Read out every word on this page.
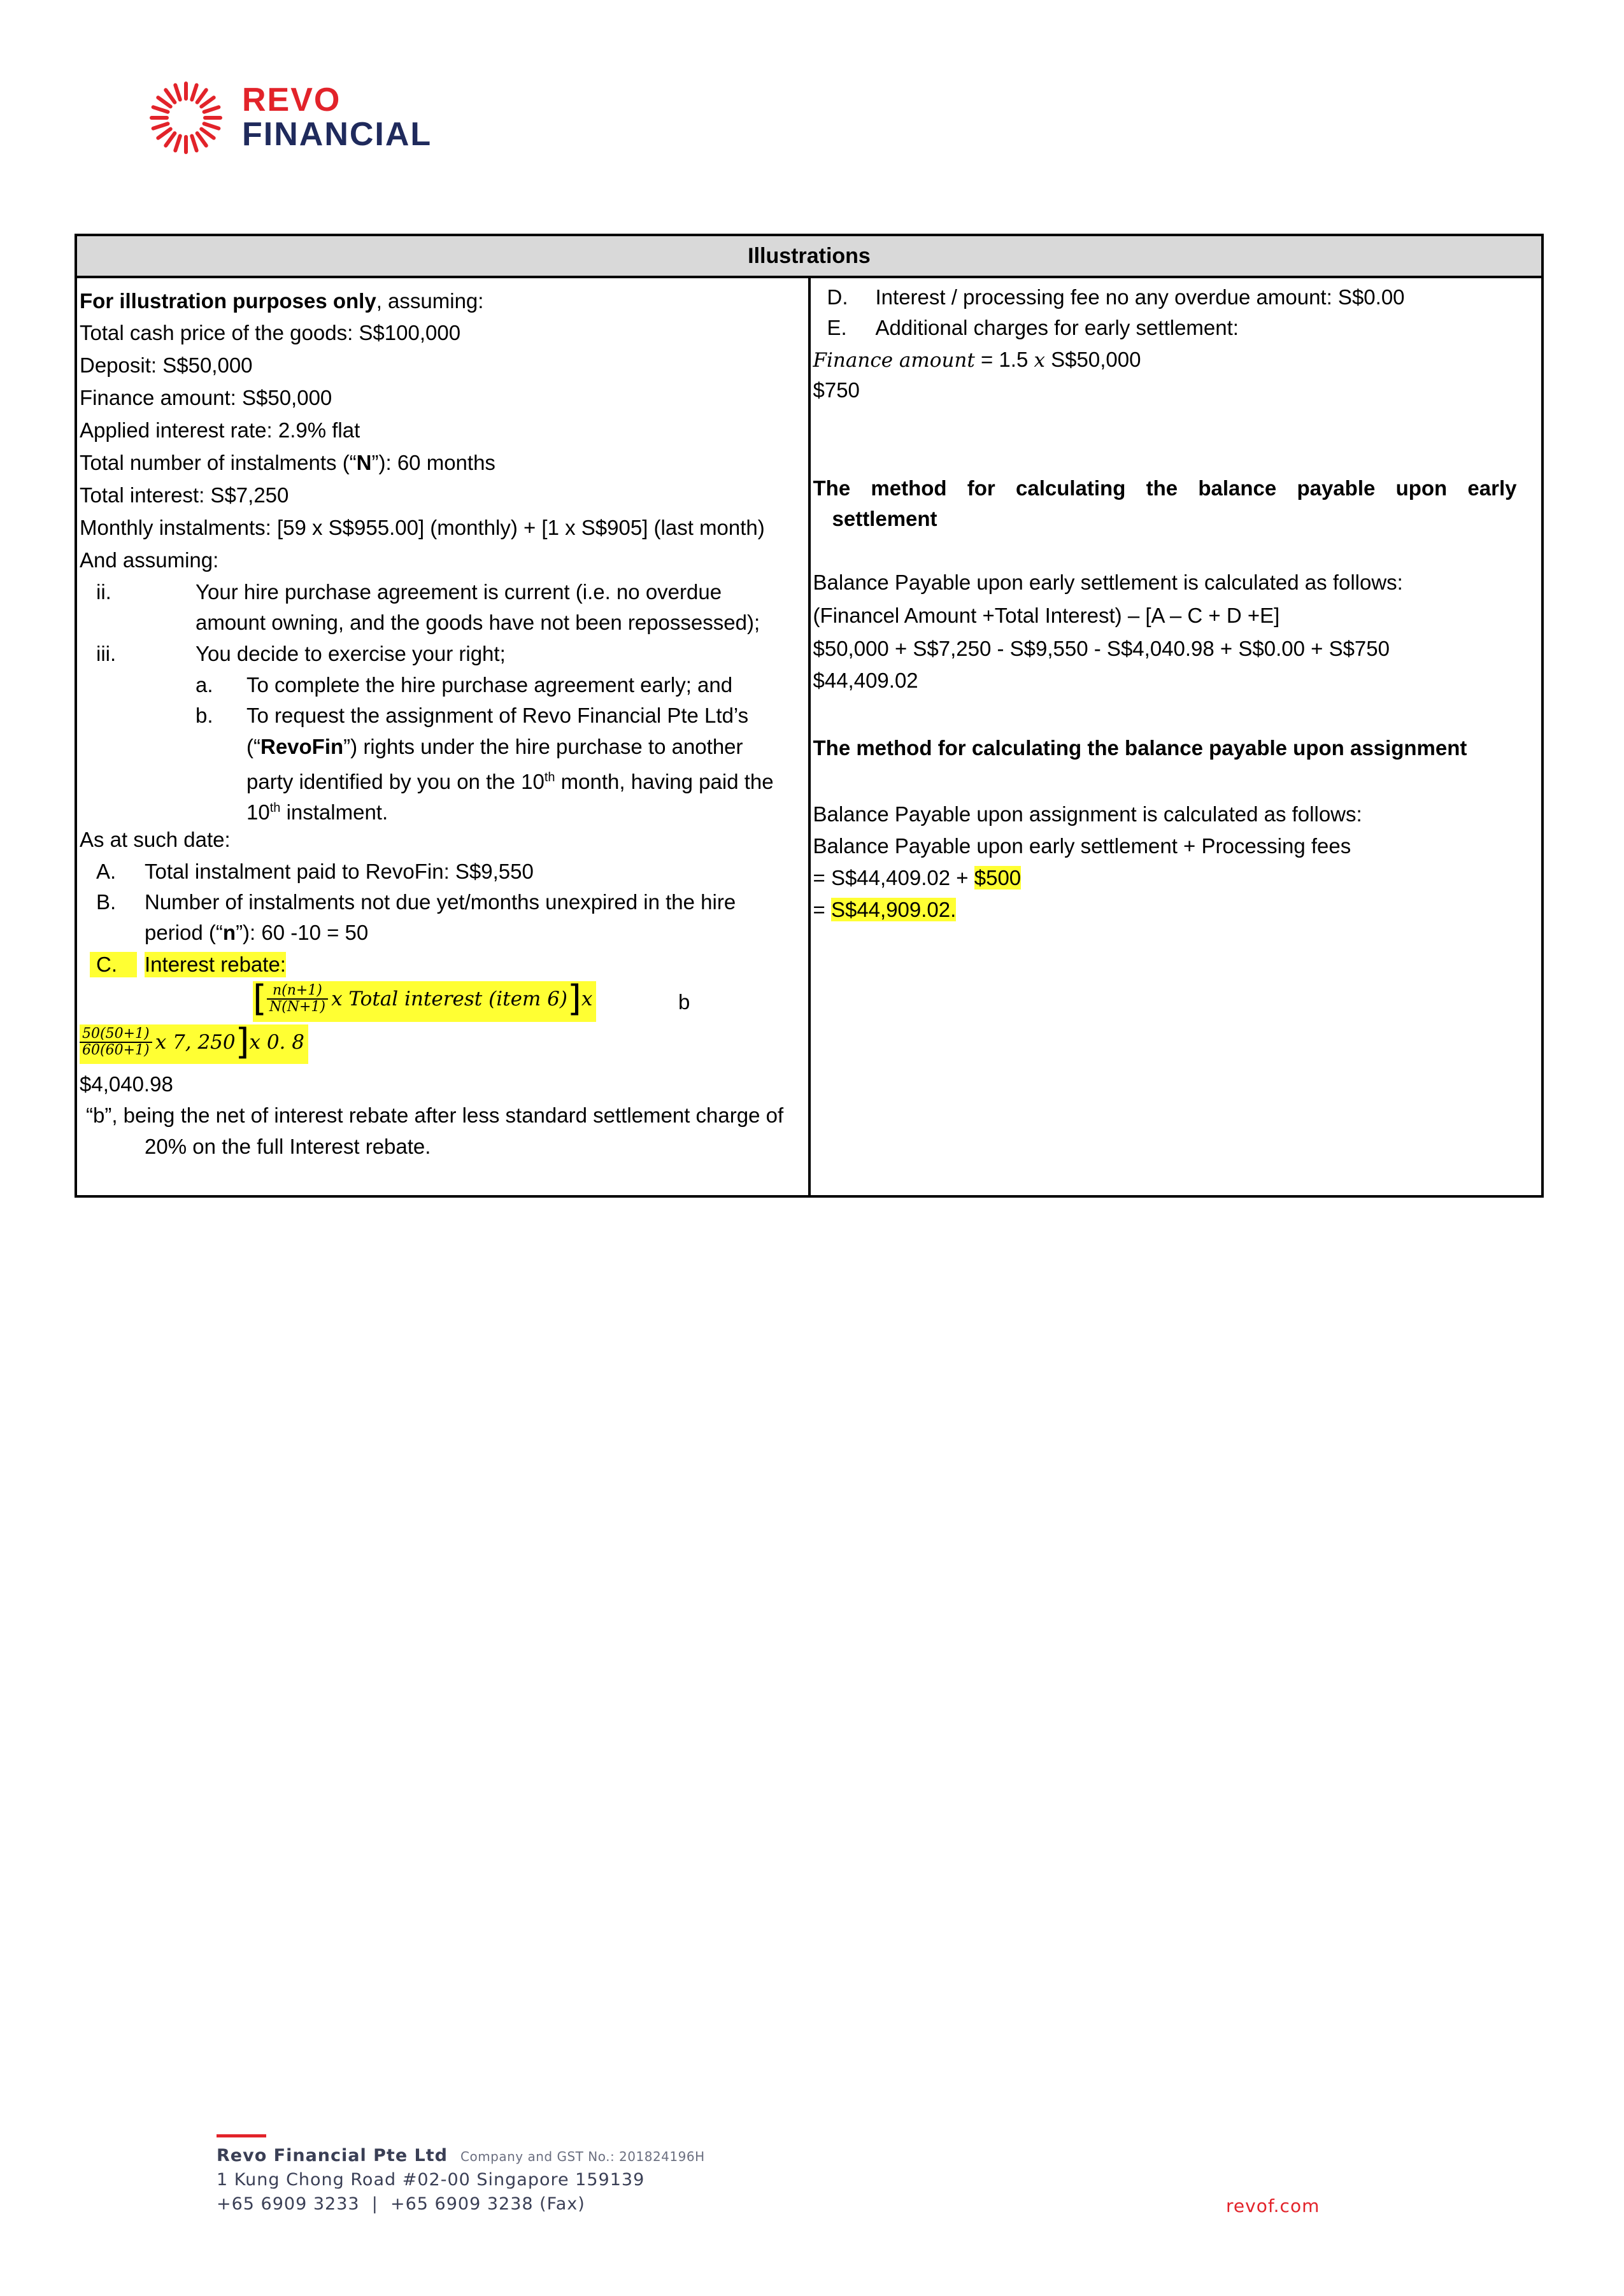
REVO
FINANCIAL
Illustrations

For illustration purposes only, assuming:
Total cash price of the goods: S$100,000
Deposit: S$50,000
Finance amount: S$50,000
Applied interest rate: 2.9% flat
Total number of instalments (“N”): 60 months
Total interest: S$7,250
Monthly instalments: [59 x S$955.00] (monthly) + [1 x S$905] (last month)
And assuming:
ii.	Your hire purchase agreement is current (i.e. no overdue
amount owning, and the goods have not been repossessed);
iii.	You decide to exercise your right;
a. To complete the hire purchase agreement early; and
b. To request the assignment of Revo Financial Pte Ltd’s
(“RevoFin”) rights under the hire purchase to another
party identified by you on the 10th month, having paid the
10th instalment.
As at such date:
A. Total instalment paid to RevoFin: S$9,550
B. Number of instalments not due yet/months unexpired in the hire
period (“n”): 60 -10 = 50
C.	Interest rebate:
[ $\frac{n(n+1)}{N(N+1)}$ x Total interest (item 6)]x	b
$\frac{50(50+1)}{60(60+1)}$ x 7, 250]x 0. 8
$4,040.98
“b”, being the net of interest rebate after less standard settlement charge of
20% on the full Interest rebate.

D. Interest / processing fee no any overdue amount: S$0.00
E. Additional charges for early settlement:
Finance amount = 1.5 x S$50,000
$750
The method for calculating the balance payable upon early
settlement
Balance Payable upon early settlement is calculated as follows:
(Financel Amount +Total Interest) – [A – C + D +E]
$50,000 + S$7,250 - S$9,550 - S$4,040.98 + S$0.00 + S$750
$44,409.02
The method for calculating the balance payable upon assignment
Balance Payable upon assignment is calculated as follows:
Balance Payable upon early settlement + Processing fees
= S$44,409.02 + $500
= S$44,909.02.
Revo Financial Pte Ltd Company and GST No.: 201824196H
1 Kung Chong Road #02-00 Singapore 159139
+65 6909 3233  |  +65 6909 3238 (Fax)	revof.com
